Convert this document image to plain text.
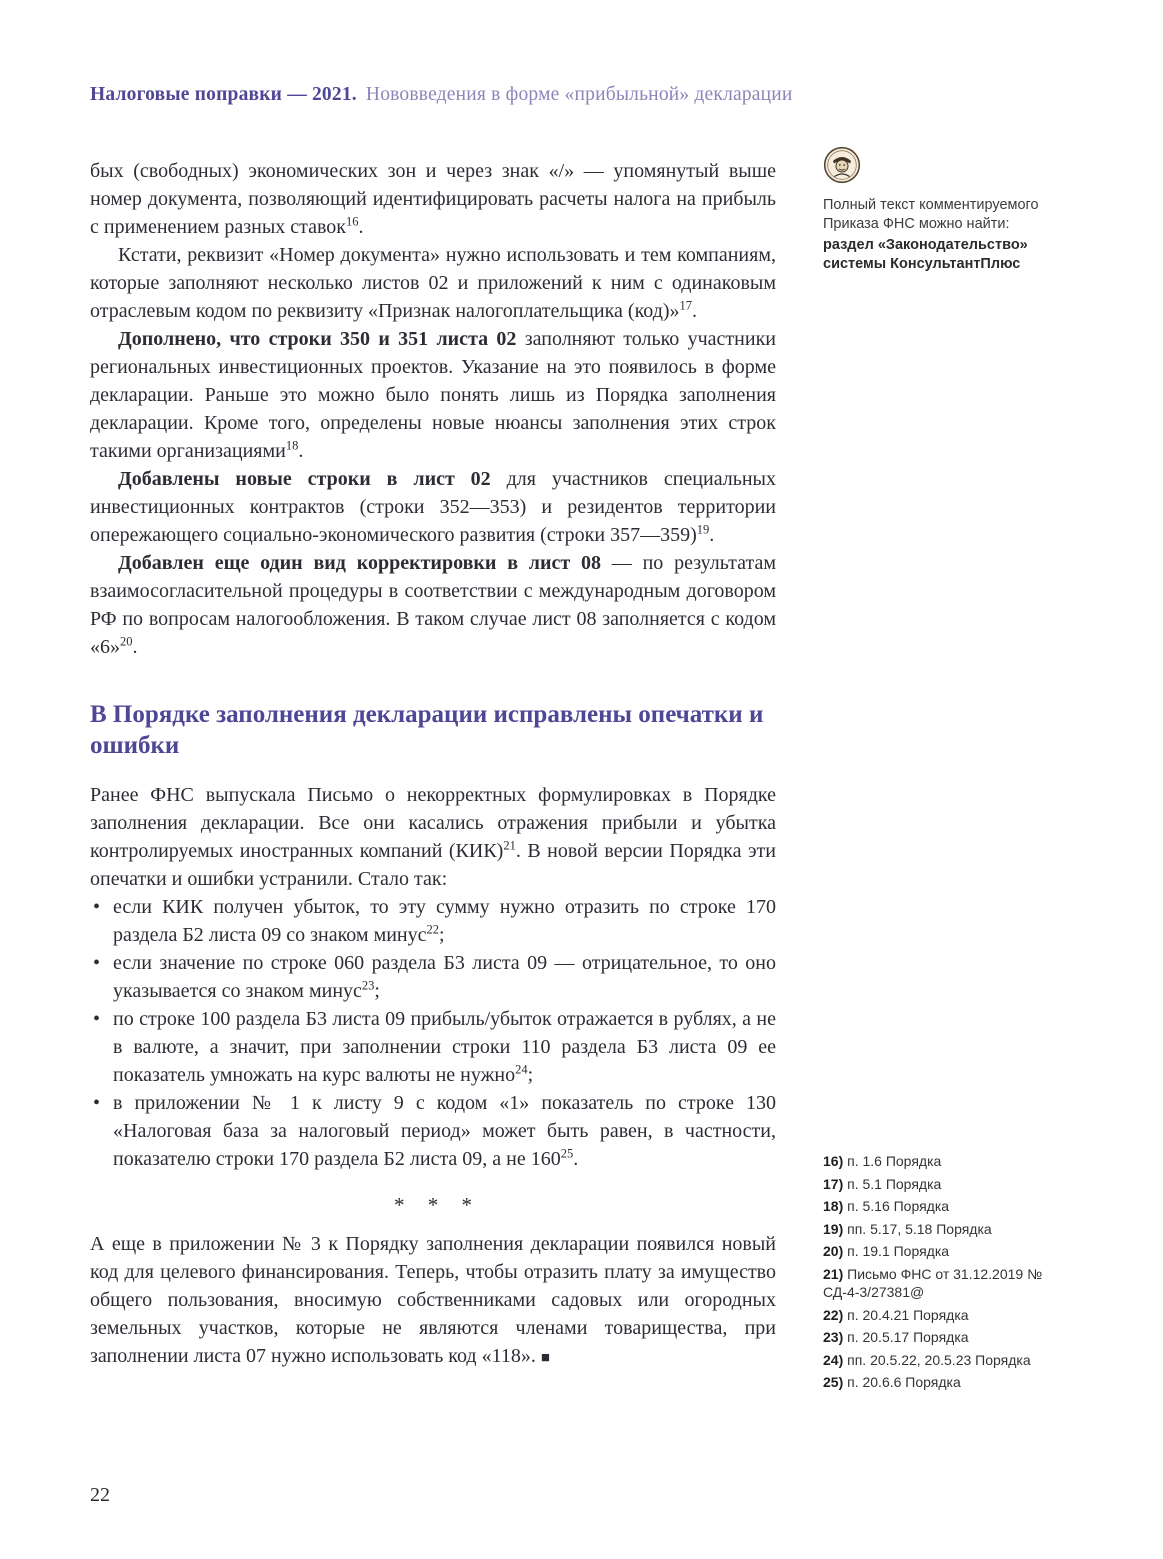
Налоговые поправки — 2021. Нововведения в форме «прибыльной» декларации

бых (свободных) экономических зон и через знак «/» — упомянутый выше номер документа, позволяющий идентифицировать расчеты налога на прибыль с применением разных ставок$^{16}$.

Кстати, реквизит «Номер документа» нужно использовать и тем компаниям, которые заполняют несколько листов 02 и приложений к ним с одинаковым отраслевым кодом по реквизиту «Признак налогоплательщика (код)»$^{17}$.

Дополнено, что строки 350 и 351 листа 02 заполняют только участники региональных инвестиционных проектов. Указание на это появилось в форме декларации. Раньше это можно было понять лишь из Порядка заполнения декларации. Кроме того, определены новые нюансы заполнения этих строк такими организациями$^{18}$.

Добавлены новые строки в лист 02 для участников специальных инвестиционных контрактов (строки 352—353) и резидентов территории опережающего социально-экономического развития (строки 357—359)$^{19}$.

Добавлен еще один вид корректировки в лист 08 — по результатам взаимосогласительной процедуры в соответствии с международным договором РФ по вопросам налогообложения. В таком случае лист 08 заполняется с кодом «6»$^{20}$.

В Порядке заполнения декларации исправлены опечатки и ошибки

Ранее ФНС выпускала Письмо о некорректных формулировках в Порядке заполнения декларации. Все они касались отражения прибыли и убытка контролируемых иностранных компаний (КИК)$^{21}$. В новой версии Порядка эти опечатки и ошибки устранили. Стало так:

• если КИК получен убыток, то эту сумму нужно отразить по строке 170 раздела Б2 листа 09 со знаком минус$^{22}$;
• если значение по строке 060 раздела Б3 листа 09 — отрицательное, то оно указывается со знаком минус$^{23}$;
• по строке 100 раздела Б3 листа 09 прибыль/убыток отражается в рублях, а не в валюте, а значит, при заполнении строки 110 раздела Б3 листа 09 ее показатель умножать на курс валюты не нужно$^{24}$;
• в приложении № 1 к листу 9 с кодом «1» показатель по строке 130 «Налоговая база за налоговый период» может быть равен, в частности, показателю строки 170 раздела Б2 листа 09, а не 160$^{25}$.
* * *

А еще в приложении № 3 к Порядку заполнения декларации появился новый код для целевого финансирования. Теперь, чтобы отразить плату за имущество общего пользования, вносимую собственниками садовых или огородных земельных участков, которые не являются членами товарищества, при заполнении листа 07 нужно использовать код «118». ■

Полный текст комментируемого Приказа ФНС можно найти:

раздел «Законодательство» системы КонсультантПлюс

16) п. 1.6 Порядка
17) п. 5.1 Порядка
18) п. 5.16 Порядка
19) пп. 5.17, 5.18 Порядка
20) п. 19.1 Порядка
21) Письмо ФНС от 31.12.2019 № СД-4-3/27381@
22) п. 20.4.21 Порядка
23) п. 20.5.17 Порядка
24) пп. 20.5.22, 20.5.23 Порядка
25) п. 20.6.6 Порядка
22
